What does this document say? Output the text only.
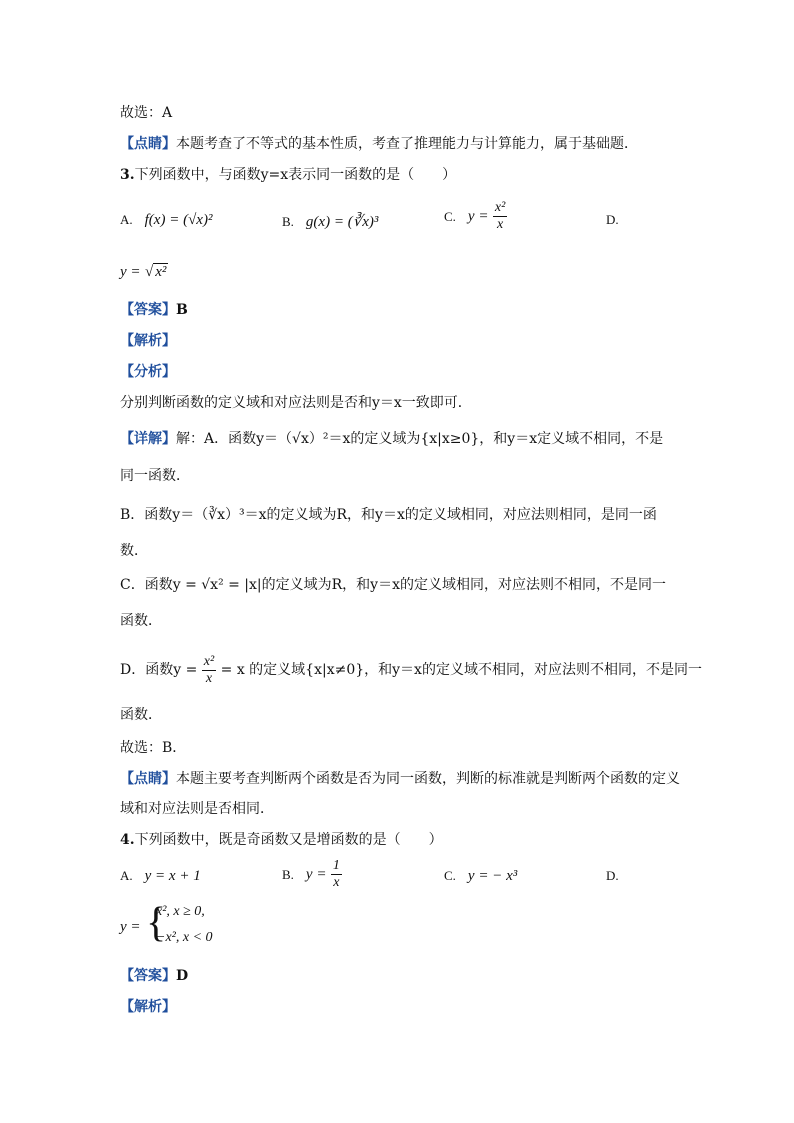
故选：A
【点睛】本题考查了不等式的基本性质，考查了推理能力与计算能力，属于基础题．
3.下列函数中，与函数y=x表示同一函数的是（　　）
A. f(x) = (√x)²	B. g(x) = (∛x)³	C. $y = \frac{\text{x²}}{x}$	D.
y = √ x²
【答案】B
【解析】
【分析】
分别判断函数的定义域和对应法则是否和y＝x一致即可．
【详解】解：A．函数y＝（√x）²＝x的定义域为{x|x≥0}，和y＝x定义域不相同，不是
同一函数．
B．函数y＝（∛x）³＝x的定义域为R，和y＝x的定义域相同，对应法则相同，是同一函
数．
C．函数y = √x² = |x|的定义域为R，和y＝x的定义域相同，对应法则不相同，不是同一
函数．
D．函数$y = \frac{\text{x²}}{x} = x$ 的定义域{x|x≠0}，和y＝x的定义域不相同，对应法则不相同，不是同一
函数．
故选：B．
【点睛】本题主要考查判断两个函数是否为同一函数，判断的标准就是判断两个函数的定义
域和对应法则是否相同．
4.下列函数中，既是奇函数又是增函数的是（　　）
A. y = x + 1	B. $y = \frac{1}{x}$	C. y = − x³	D.
y = {
x², x ≥ 0,
−x², x < 0
【答案】D
【解析】
